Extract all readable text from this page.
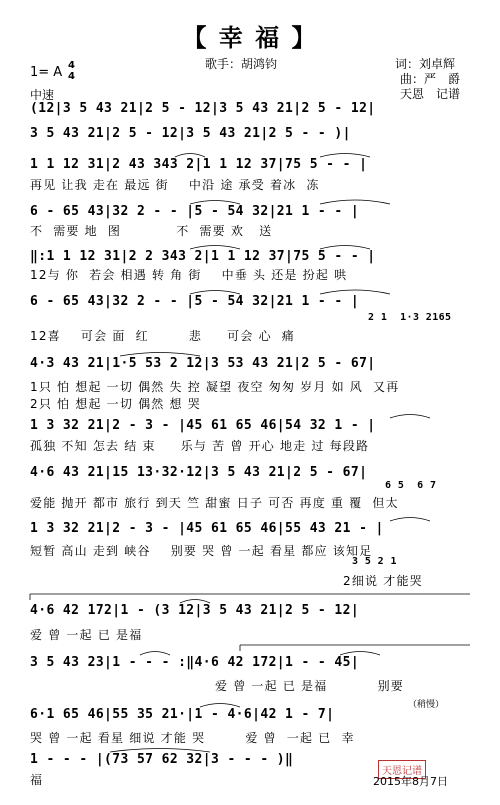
【 幸 福 】
歌手：胡鸿钧	词：刘卓辉
曲：严　爵
天恩　记谱
1= A 4
4
中速
(12|3 5 43 21|2 5 - 12|3 5 43 21|2 5 - 12|
3 5 43 21|2 5 - 12|3 5 43 21|2 5 - - )|
1 1 12 31|2 43 343 2|1 1 12 37|75 5 - - |
再见 让我 走在 最远 街    中沿 途 承受 着冰  冻
6 - 65 43|32 2 - - |5 - 54 32|21 1 - - |
不  需要 地  图           不  需要 欢   送
‖:1 1 12 31|2 2 343 2|1 1 12 37|75 5 - - |
12与 你  若会 相遇 转 角 街    中垂 头 还是 扮起 哄
6 - 65 43|32 2 - - |5 - 54 32|21 1 - - |
2 1  1·3 2165
12喜    可会 面  红        悲     可会 心  痛
4·3 43 21|1·5 53 2 12|3 53 43 21|2 5 - 67|
1只 怕 想起 一切 偶然 失 控 凝望 夜空 匆匆 岁月 如 风  又再
2只 怕 想起 一切 偶然 想 哭
1 3 32 21|2 - 3 - |45 61 65 46|54 32 1 - |
孤独 不知 怎去 结 束     乐与 苦 曾 开心 地走 过 每段路
4·6 43 21|15 13·32·12|3 5 43 21|2 5 - 67|
6 5  6 7
爱能 抛开 都市 旅行 到天 竺 甜蜜 日子 可否 再度 重 覆  但太
1 3 32 21|2 - 3 - |45 61 65 46|55 43 21 - |
短暂 高山 走到 峡谷    别要 哭 曾 一起 看星 都应 该知足
3 5 2 1
2细说 才能哭
4·6 42 172|1 - (3 12|3 5 43 21|2 5 - 12|
爱 曾 一起 已 是福
3 5 43 23|1 - - - :‖4·6 42 172|1 - - 45|
爱 曾 一起 已 是福          别要
6·1 65 46|55 35 21·|1 - 4·6|42 1 - 7|
（稍慢）
哭 曾 一起 看星 细说 才能 哭        爱 曾  一起 已  幸
1 - - - |(73 57 62 32|3 - - - )‖
福
天恩记谱
2015年8月7日
